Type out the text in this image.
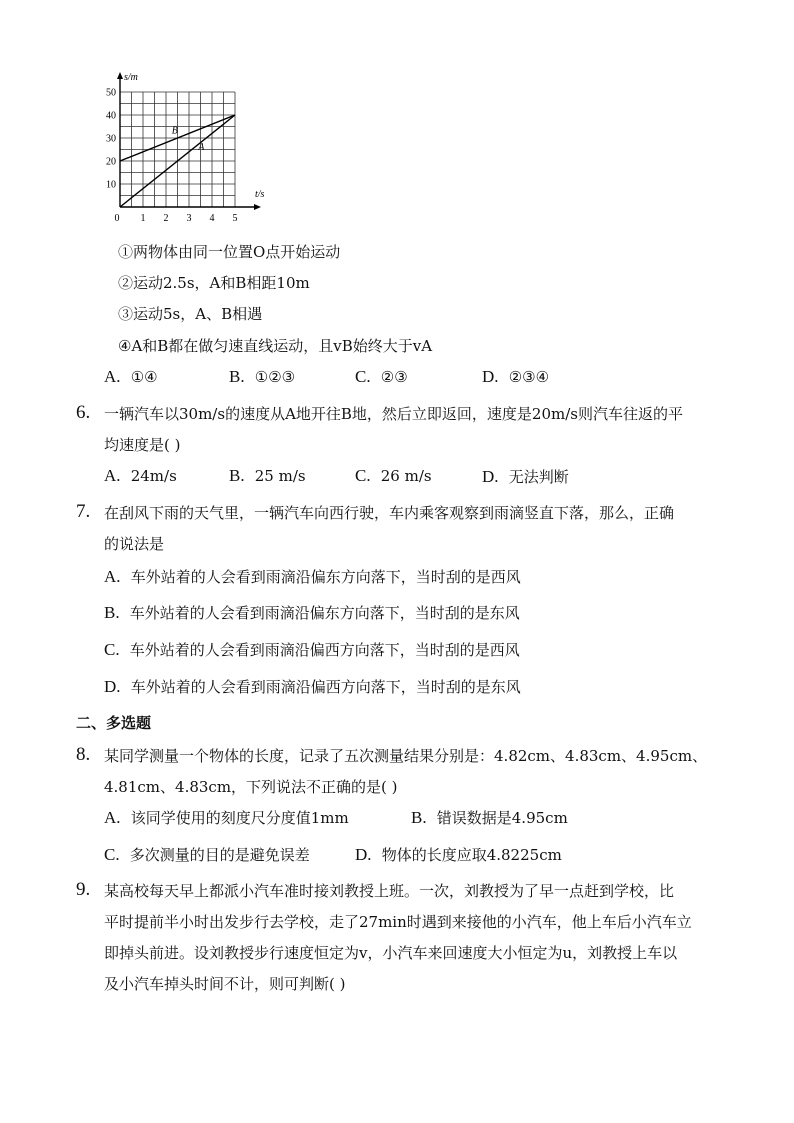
A
B
1 2 3 4 5
10
20
30
40
50
0
t/s
s/m
①两物体由同一位置O点开始运动
②运动2.5s，A和B相距10m
③运动5s，A、B相遇
④A和B都在做匀速直线运动，且vB始终大于vA
A. ①④	B. ①②③	C. ②③	D. ②③④
6. 一辆汽车以30m/s的速度从A地开往B地，然后立即返回，速度是20m/s则汽车往返的平
均速度是( )
A. 24m/s	B. 25 m/s	C. 26 m/s	D. 无法判断
7. 在刮风下雨的天气里，一辆汽车向西行驶，车内乘客观察到雨滴竖直下落，那么，正确
的说法是
A. 车外站着的人会看到雨滴沿偏东方向落下，当时刮的是西风
B. 车外站着的人会看到雨滴沿偏东方向落下，当时刮的是东风
C. 车外站着的人会看到雨滴沿偏西方向落下，当时刮的是西风
D. 车外站着的人会看到雨滴沿偏西方向落下，当时刮的是东风
二、多选题
8. 某同学测量一个物体的长度，记录了五次测量结果分别是：4.82cm、4.83cm、4.95cm、
4.81cm、4.83cm，下列说法不正确的是( )
A. 该同学使用的刻度尺分度值1mm	B. 错误数据是4.95cm
C. 多次测量的目的是避免误差	D. 物体的长度应取4.8225cm
9. 某高校每天早上都派小汽车准时接刘教授上班。一次，刘教授为了早一点赶到学校，比
平时提前半小时出发步行去学校，走了27min时遇到来接他的小汽车，他上车后小汽车立
即掉头前进。设刘教授步行速度恒定为v，小汽车来回速度大小恒定为u，刘教授上车以
及小汽车掉头时间不计，则可判断( )
